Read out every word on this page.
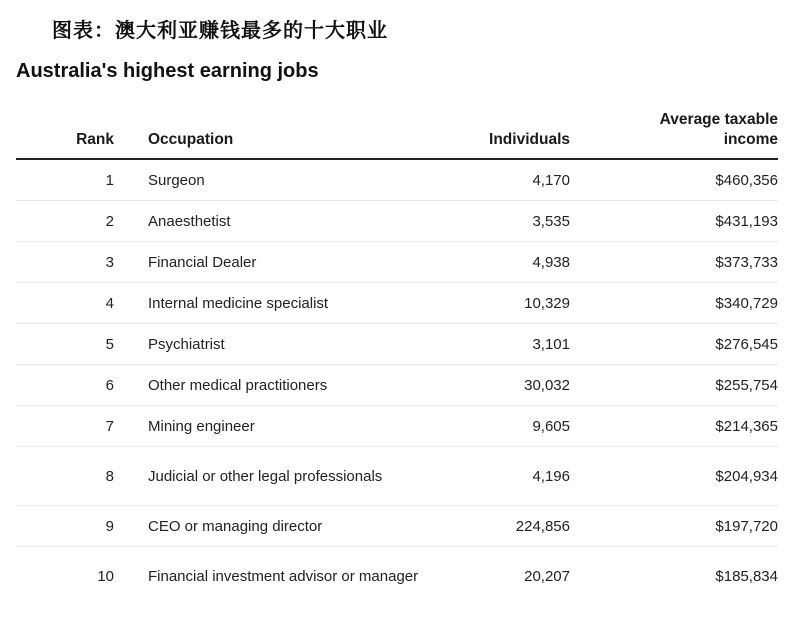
图表：澳大利亚赚钱最多的十大职业
Australia's highest earning jobs
Rank	Occupation	Individuals	Average taxable income
1	Surgeon	4,170	$460,356
2	Anaesthetist	3,535	$431,193
3	Financial Dealer	4,938	$373,733
4	Internal medicine specialist	10,329	$340,729
5	Psychiatrist	3,101	$276,545
6	Other medical practitioners	30,032	$255,754
7	Mining engineer	9,605	$214,365
8	Judicial or other legal professionals	4,196	$204,934
9	CEO or managing director	224,856	$197,720
10	Financial investment advisor or manager	20,207	$185,834
